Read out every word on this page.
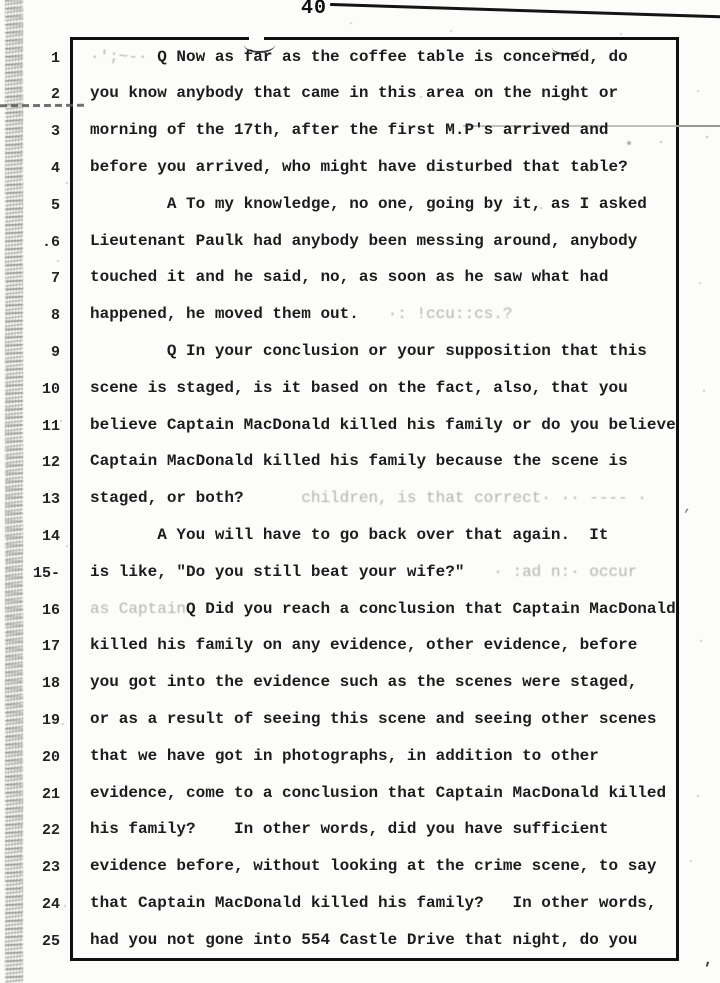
40
1 ·';~-· Q Now as far as the coffee table is concerned, do
2 you know anybody that came in this area on the night or
3 morning of the 17th, after the first M.P's arrived and
4 before you arrived, who might have disturbed that table?
5 A To my knowledge, no one, going by it, as I asked
.6 Lieutenant Paulk had anybody been messing around, anybody
7 touched it and he said, no, as soon as he saw what had
8 happened, he moved them out.   ·: !ccu::cs.?
9 Q In your conclusion or your supposition that this
10 scene is staged, is it based on the fact, also, that you
11 believe Captain MacDonald killed his family or do you believe
12 Captain MacDonald killed his family because the scene is
13 staged, or both?      children, is that correct· ·· ---- ·
14 A You will have to go back over that again.  It
15- is like, "Do you still beat your wife?"   · :ad n:· occur
16 as CaptainQ Did you reach a conclusion that Captain MacDonald
17 killed his family on any evidence, other evidence, before
18 you got into the evidence such as the scenes were staged,
19 or as a result of seeing this scene and seeing other scenes
20 that we have got in photographs, in addition to other
21 evidence, come to a conclusion that Captain MacDonald killed
22 his family?    In other words, did you have sufficient
23 evidence before, without looking at the crime scene, to say
24 that Captain MacDonald killed his family?   In other words,
25 had you not gone into 554 Castle Drive that night, do you
,
'
